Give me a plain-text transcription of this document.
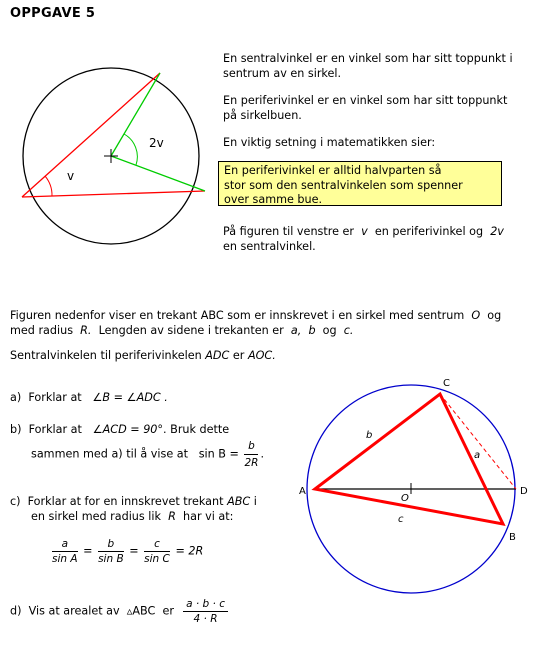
OPPGAVE 5
v
2v
En sentralvinkel er en vinkel som har sitt toppunkt i
sentrum av en sirkel.
En periferivinkel er en vinkel som har sitt toppunkt
på sirkelbuen.
En viktig setning i matematikken sier:
En periferivinkel er alltid halvparten så
stor som den sentralvinkelen som spenner
over samme bue.
På figuren til venstre er v en periferivinkel og 2v
en sentralvinkel.
Figuren nedenfor viser en trekant ABC som er innskrevet i en sirkel med sentrum O og
med radius R. Lengden av sidene i trekanten er a, b og c.
Sentralvinkelen til periferivinkelen ADC er AOC.
a) Forklar at ∠B = ∠ADC .
b) Forklar at ∠ACD = 90°. Bruk dette
sammen med a) til å vise at $\sin B = \frac{b}{2R}$ .
c) Forklar at for en innskrevet trekant ABC i
en sirkel med radius lik R har vi at:
$\frac{a}{\text{sin A}} = \frac{b}{\text{sin B}} = \frac{c}{\text{sin C}} = 2R$
d) Vis at arealet av ▵ABC er $\frac{a \cdot b \cdot c}{4 \cdot R}$
A
B
C
D
O
a
b
c
